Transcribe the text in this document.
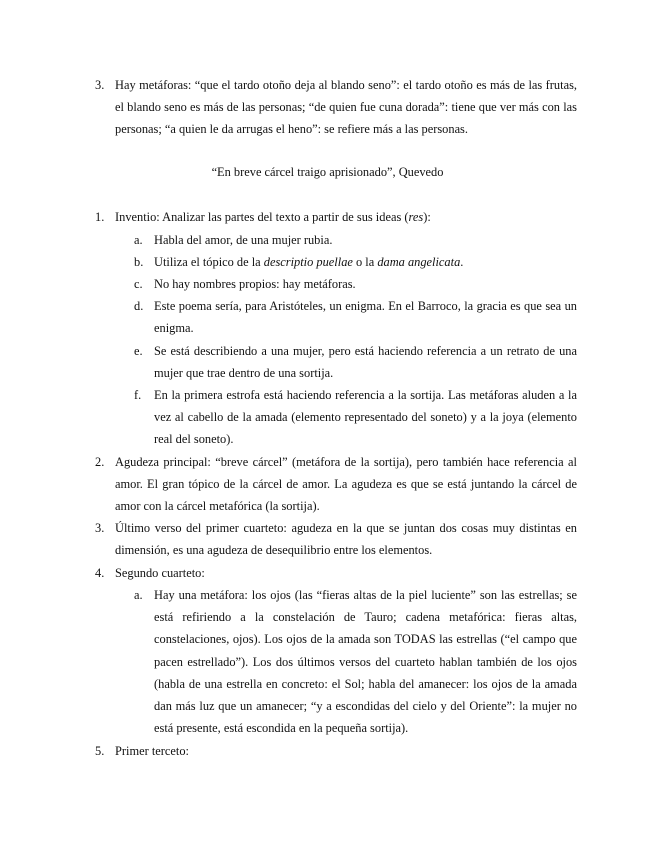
3. Hay metáforas: “que el tardo otoño deja al blando seno”: el tardo otoño es más de las frutas, el blando seno es más de las personas; “de quien fue cuna dorada”: tiene que ver más con las personas; “a quien le da arrugas el heno”: se refiere más a las personas.
“En breve cárcel traigo aprisionado”, Quevedo
1. Inventio: Analizar las partes del texto a partir de sus ideas (res):
a. Habla del amor, de una mujer rubia.
b. Utiliza el tópico de la descriptio puellae o la dama angelicata.
c. No hay nombres propios: hay metáforas.
d. Este poema sería, para Aristóteles, un enigma. En el Barroco, la gracia es que sea un enigma.
e. Se está describiendo a una mujer, pero está haciendo referencia a un retrato de una mujer que trae dentro de una sortija.
f. En la primera estrofa está haciendo referencia a la sortija. Las metáforas aluden a la vez al cabello de la amada (elemento representado del soneto) y a la joya (elemento real del soneto).
2. Agudeza principal: “breve cárcel” (metáfora de la sortija), pero también hace referencia al amor. El gran tópico de la cárcel de amor. La agudeza es que se está juntando la cárcel de amor con la cárcel metafórica (la sortija).
3. Último verso del primer cuarteto: agudeza en la que se juntan dos cosas muy distintas en dimensión, es una agudeza de desequilibrio entre los elementos.
4. Segundo cuarteto:
a. Hay una metáfora: los ojos (las “fieras altas de la piel luciente” son las estrellas; se está refiriendo a la constelación de Tauro; cadena metafórica: fieras altas, constelaciones, ojos). Los ojos de la amada son TODAS las estrellas (“el campo que pacen estrellado”). Los dos últimos versos del cuarteto hablan también de los ojos (habla de una estrella en concreto: el Sol; habla del amanecer: los ojos de la amada dan más luz que un amanecer; “y a escondidas del cielo y del Oriente”: la mujer no está presente, está escondida en la pequeña sortija).
5. Primer terceto:
